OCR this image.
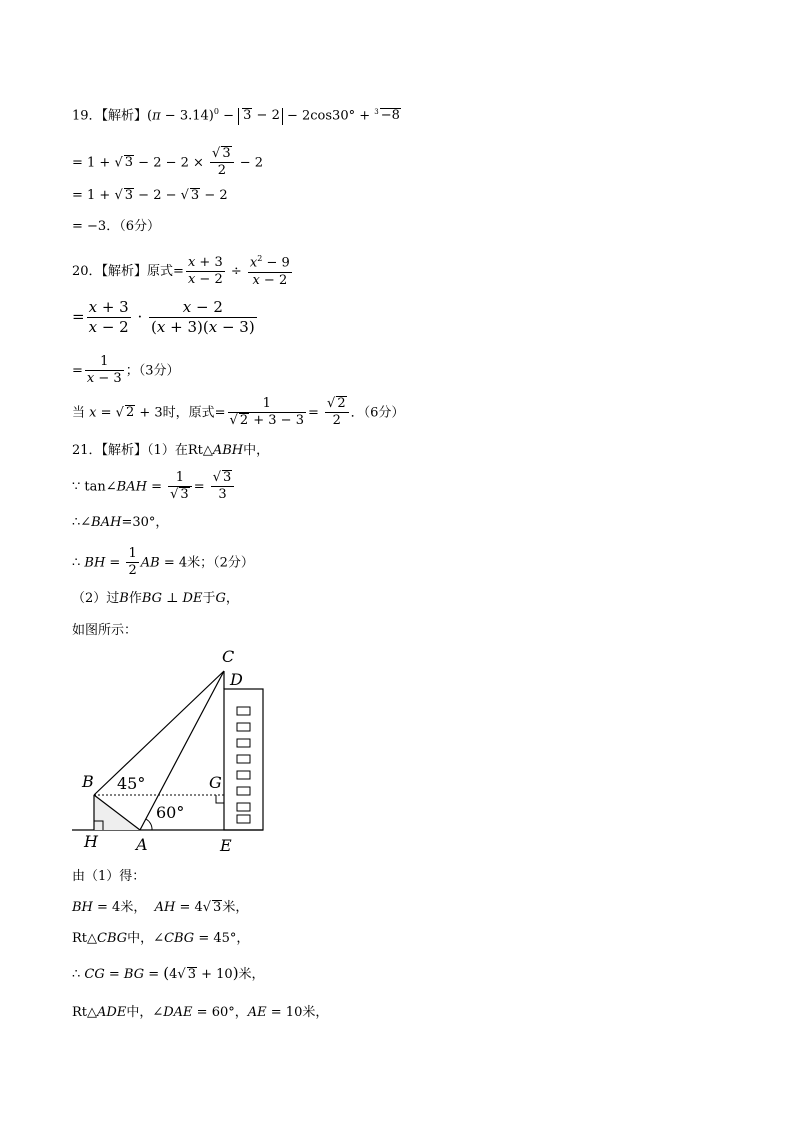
19．【解析】$(\pi - 3.14)^0 - 3 - 2 - 2\cos 30^\circ + ^3 -8$
= 1 + √ $3 - 2 - 2 \times \frac{√ 3}{2} - 2$
= 1 + √ 3 − 2 − √ 3 − 2
= −3．（6分）
20．【解析】原式= $\frac{x + 3}{x - 2} \div \frac{x^2 - 9}{x - 2}$
= $\frac{x + 3}{x - 2} \cdot \frac{x - 2}{(x + 3)(x - 3)}$
= $\frac{1}{x - 3}$ ；（3分）
当 x = √ 2 + 3时，原式= $\frac{1}{√ 2 + 3 - 3} = \frac{√ 2}{2}$ ．（6分）
21．【解析】（1）在Rt△ABH中，
∵ tan∠BAH = $\frac{1}{√ 3} = \frac{√ 3}{3}$
∴∠BAH=30°，
∴ BH = $\frac{1}{2}$ AB = 4米；（2分）
（2）过B作BG ⊥ DE于G，
如图所示：
C
D
B	G
H A	E
45°
60°
由（1）得：
BH = 4米，  AH = 4√ 3米，
Rt△CBG中，∠CBG = 45°，
∴ CG = BG = (4√ 3 + 10)米，
Rt△ADE中，∠DAE = 60°，AE = 10米，
